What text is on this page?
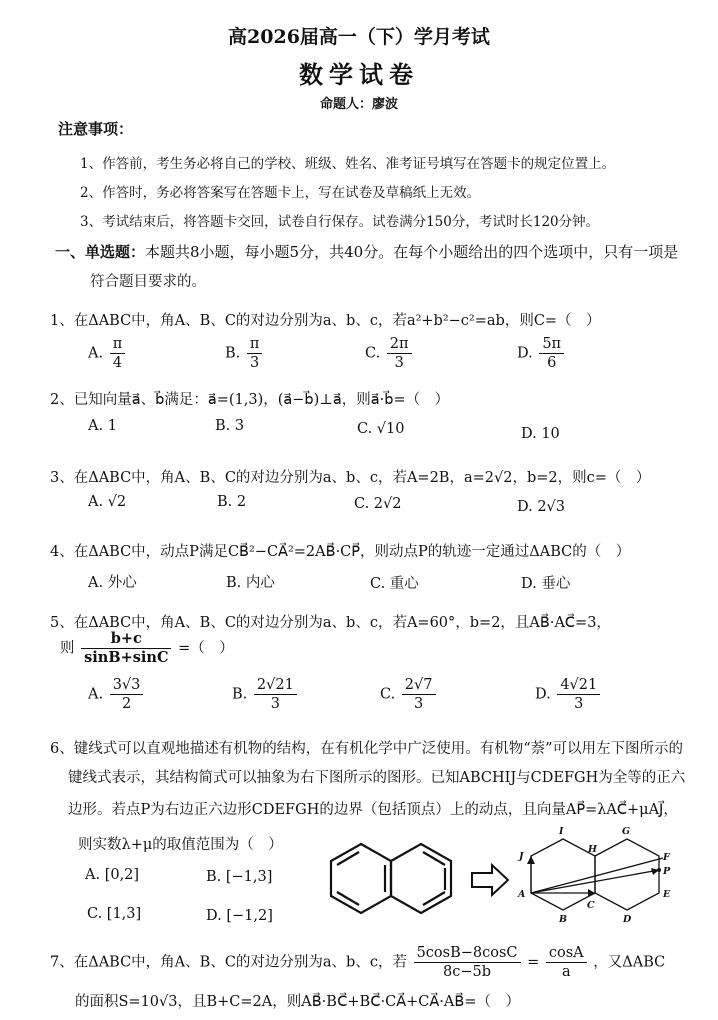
高2026届高一（下）学月考试
数学试卷
命题人：廖波
注意事项：
1、作答前，考生务必将自己的学校、班级、姓名、准考证号填写在答题卡的规定位置上。
2、作答时，务必将答案写在答题卡上，写在试卷及草稿纸上无效。
3、考试结束后，将答题卡交回，试卷自行保存。试卷满分150分，考试时长120分钟。
一、单选题：本题共8小题，每小题5分，共40分。在每个小题给出的四个选项中，只有一项是
符合题目要求的。
1、在ΔABC中，角A、B、C的对边分别为a、b、c，若a²+b²−c²=ab，则C=（　）
A. $\frac{\pi}{4}$	B. $\frac{\pi}{3}$	C. $\frac{2\pi}{3}$	D. $\frac{5\pi}{6}$
2、已知向量a⃗、b⃗满足：a⃗=(1,3)，(a⃗−b⃗)⊥a⃗，则a⃗·b⃗=（　）
A. 1	B. 3	C. √10	D. 10
3、在ΔABC中，角A、B、C的对边分别为a、b、c，若A=2B，a=2√2，b=2，则c=（　）
A. √2	B. 2	C. 2√2	D. 2√3
4、在ΔABC中，动点P满足CB⃗²−CA⃗²=2AB⃗·CP⃗，则动点P的轨迹一定通过ΔABC的（　）
A. 外心	B. 内心	C. 重心	D. 垂心
5、在ΔABC中，角A、B、C的对边分别为a、b、c，若A=60°，b=2，且AB⃗·AC⃗=3，
则 $\frac{b+c}{\sin B+\sin C}$ =（　）
A. $\frac{3√3}{2}$	B. $\frac{2√21}{3}$	C. $\frac{2√7}{3}$	D. $\frac{4√21}{3}$
6、键线式可以直观地描述有机物的结构，在有机化学中广泛使用。有机物“萘”可以用左下图所示的
键线式表示，其结构简式可以抽象为右下图所示的图形。已知ABCHIJ与CDEFGH为全等的正六
边形。若点P为右边正六边形CDEFGH的边界（包括顶点）上的动点，且向量AP⃗=λAC⃗+μAJ⃗，
则实数λ+μ的取值范围为（　）
A. [0,2]	B. [−1,3]
C. [1,3]	D. [−1,2]
I	G
J
H
F
P
A
C
E
B	D
7、在ΔABC中，角A、B、C的对边分别为a、b、c，若 $\frac{5\cos B-8\cos C}{8c-5b} = \frac{\cos A}{a}$ ，又ΔABC
的面积S=10√3，且B+C=2A，则AB⃗·BC⃗+BC⃗·CA⃗+CA⃗·AB⃗=（　）
